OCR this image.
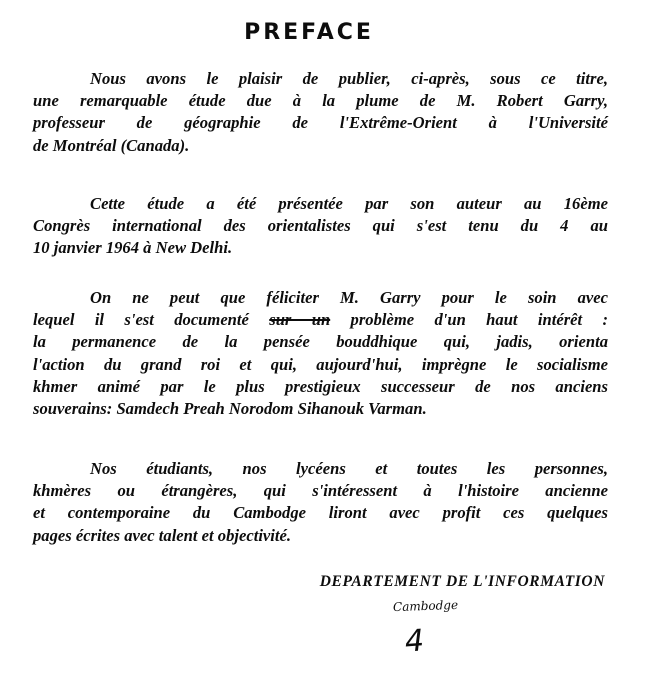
PREFACE
Nous avons le plaisir de publier, ci-après, sous ce titre,
une remarquable étude due à la plume de M. Robert Garry,
professeur de géographie de l'Extrême-Orient à l'Université
de Montréal (Canada).
Cette étude a été présentée par son auteur au 16ème
Congrès international des orientalistes qui s'est tenu du 4 au
10 janvier 1964 à New Delhi.
On ne peut que féliciter M. Garry pour le soin avec
lequel il s'est documenté sur un problème d'un haut intérêt :
la permanence de la pensée bouddhique qui, jadis, orienta
l'action du grand roi et qui, aujourd'hui, imprègne le socialisme
khmer animé par le plus prestigieux successeur de nos anciens
souverains: Samdech Preah Norodom Sihanouk Varman.
Nos étudiants, nos lycéens et toutes les personnes,
khmères ou étrangères, qui s'intéressent à l'histoire ancienne
et contemporaine du Cambodge liront avec profit ces quelques
pages écrites avec talent et objectivité.
DEPARTEMENT DE L'INFORMATION
Cambodge
4
